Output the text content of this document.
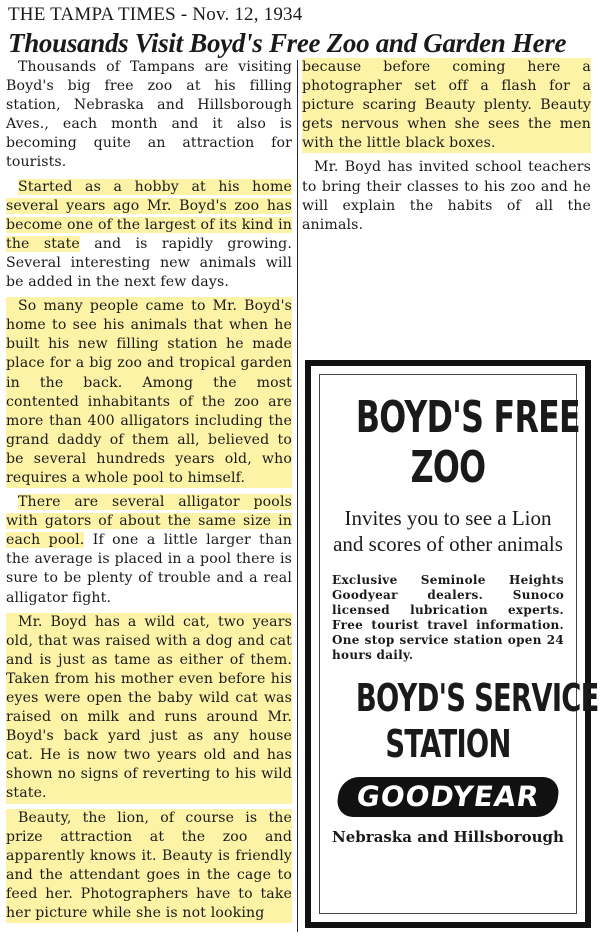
THE TAMPA TIMES - Nov. 12, 1934
Thousands Visit Boyd's Free Zoo and Garden Here

Thousands of Tampans are visiting Boyd's big free zoo at his filling station, Nebraska and Hillsborough Aves., each month and it also is becoming quite an attraction for tourists.

Started as a hobby at his home several years ago Mr. Boyd's zoo has become one of the largest of its kind in the state and is rapidly growing. Several interesting new animals will be added in the next few days.

So many people came to Mr. Boyd's home to see his animals that when he built his new filling station he made place for a big zoo and tropical garden in the back. Among the most contented inhabitants of the zoo are more than 400 alligators including the grand daddy of them all, believed to be several hundreds years old, who requires a whole pool to himself.

There are several alligator pools with gators of about the same size in each pool. If one a little larger than the average is placed in a pool there is sure to be plenty of trouble and a real alligator fight.

Mr. Boyd has a wild cat, two years old, that was raised with a dog and cat and is just as tame as either of them. Taken from his mother even before his eyes were open the baby wild cat was raised on milk and runs around Mr. Boyd's back yard just as any house cat. He is now two years old and has shown no signs of reverting to his wild state.

Beauty, the lion, of course is the prize attraction at the zoo and apparently knows it. Beauty is friendly and the attendant goes in the cage to feed her. Photographers have to take her picture while she is not looking

because before coming here a photographer set off a flash for a picture scaring Beauty plenty. Beauty gets nervous when she sees the men with the little black boxes.

Mr. Boyd has invited school teachers to bring their classes to his zoo and he will explain the habits of all the animals.

BOYD'S FREE
ZOO
Invites you to see a Lion and scores of other animals
Exclusive Seminole Heights Goodyear dealers. Sunoco licensed lubrication experts. Free tourist travel information. One stop service station open 24 hours daily.
BOYD'S SERVICE
STATION
GOODYEAR
Nebraska and Hillsborough
